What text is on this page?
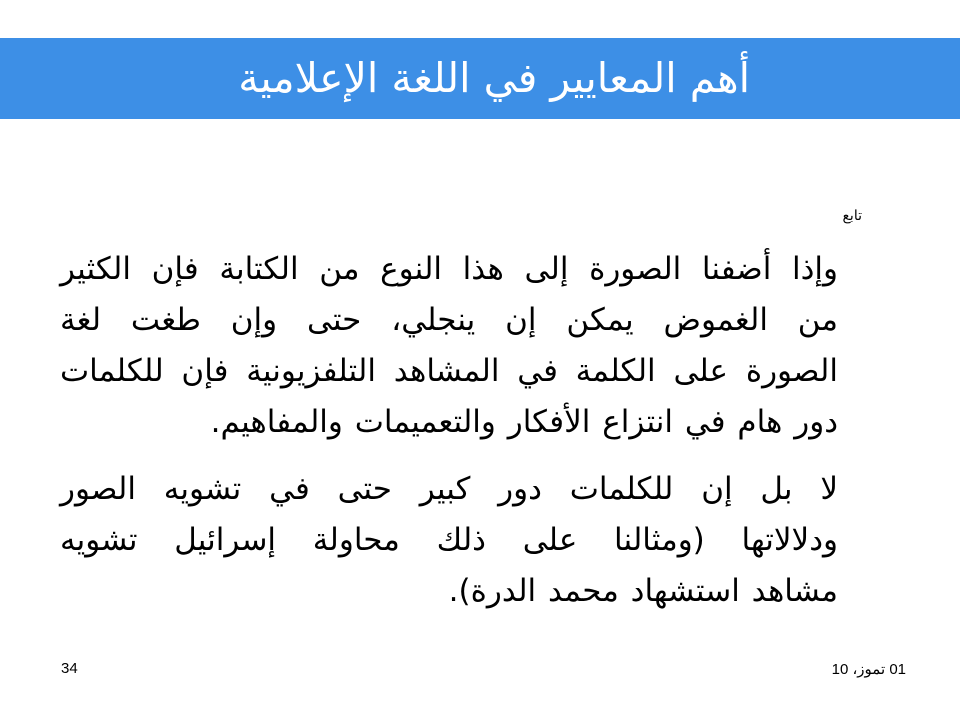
أهم المعايير في اللغة الإعلامية
تابع
وإذا أضفنا الصورة إلى هذا النوع من الكتابة فإن الكثير
من الغموض يمكن إن ينجلي، حتى وإن طغت لغة
الصورة على الكلمة في المشاهد التلفزيونية فإن للكلمات
دور هام في انتزاع الأفكار والتعميمات والمفاهيم.
لا بل إن للكلمات دور كبير حتى في تشويه الصور
ودلالاتها (ومثالنا على ذلك محاولة إسرائيل تشويه
مشاهد استشهاد محمد الدرة).
34	01 تموز، 10
